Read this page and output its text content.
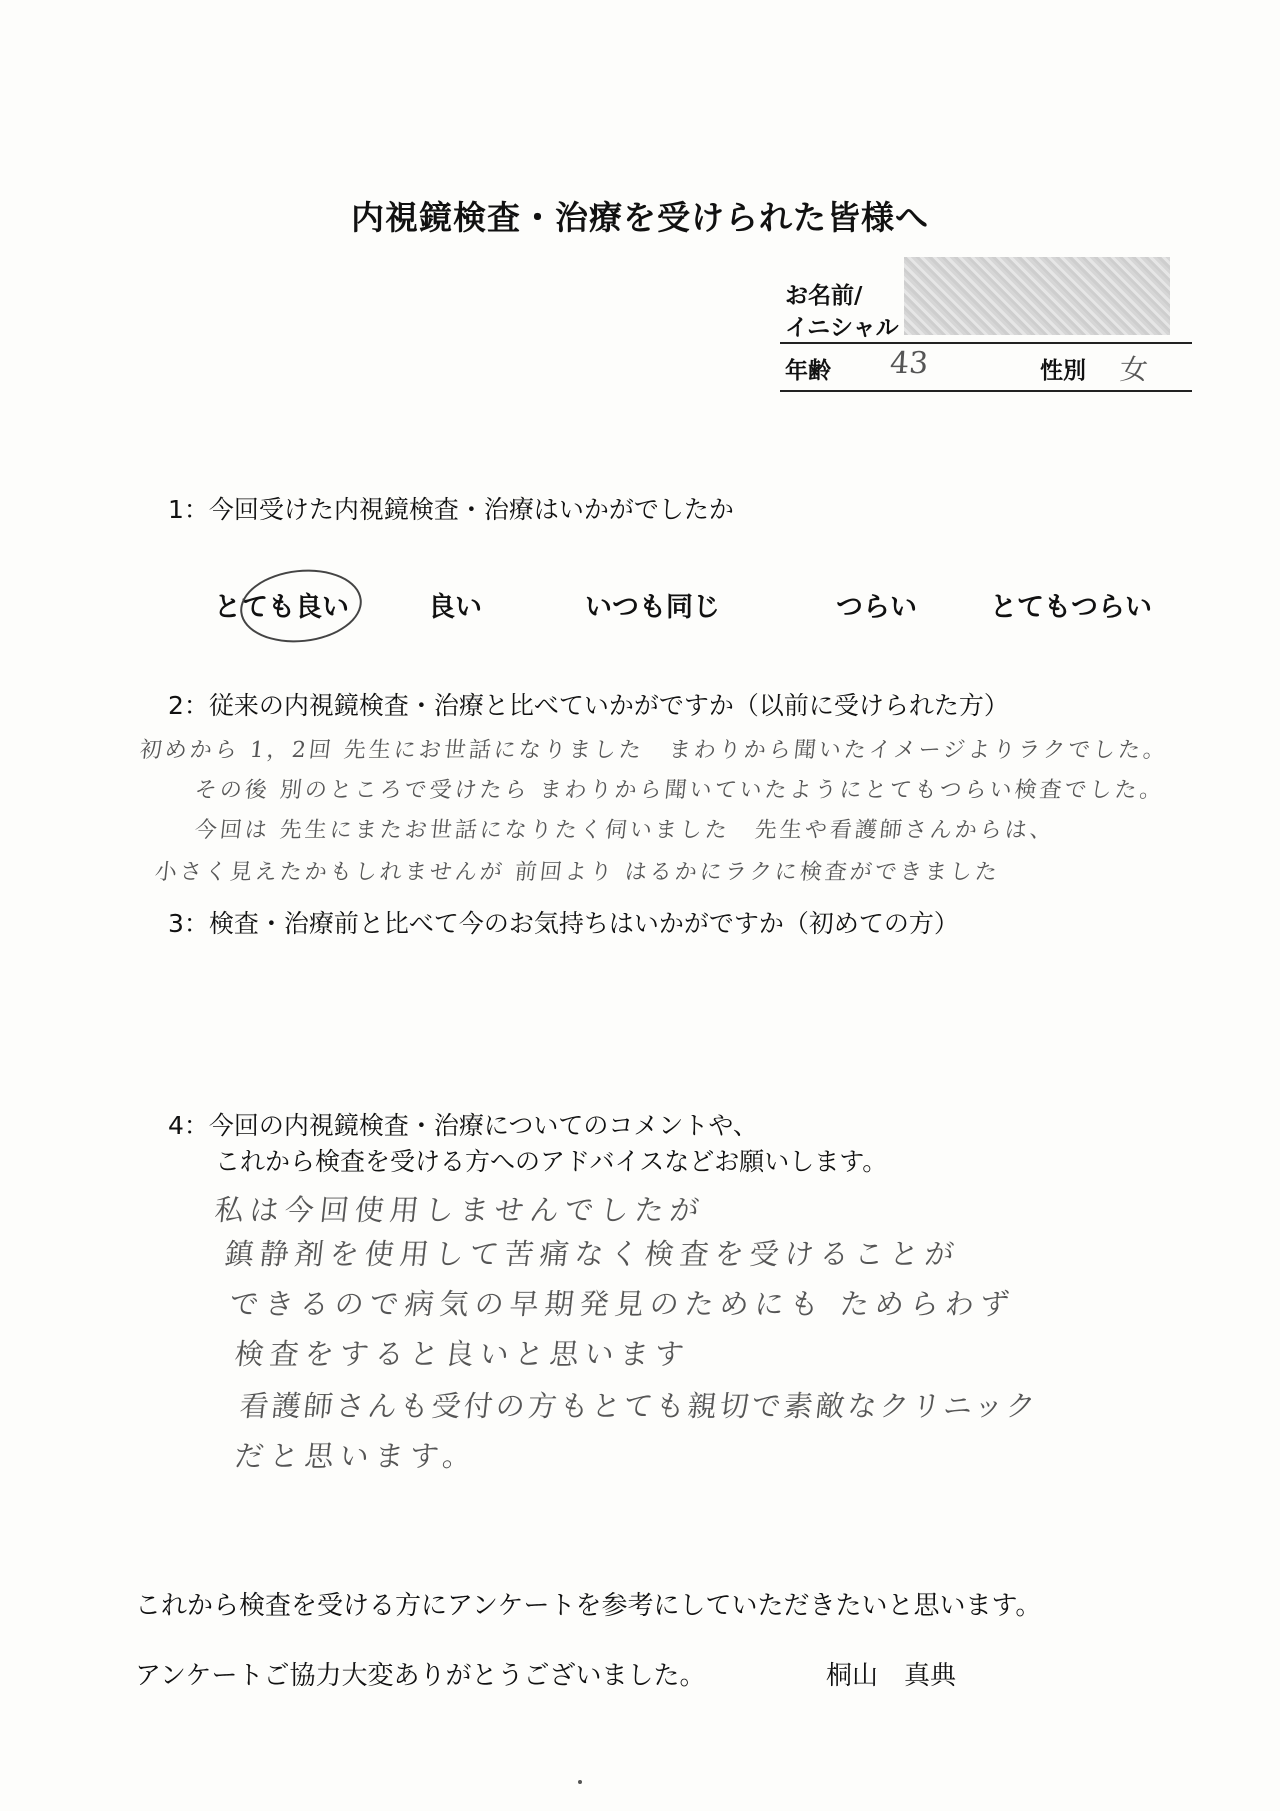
内視鏡検査・治療を受けられた皆様へ
お名前/
イニシャル
年齢 43	性別 女
1：今回受けた内視鏡検査・治療はいかがでしたか
とても良い	良い	いつも同じ	つらい	とてもつらい
2：従来の内視鏡検査・治療と比べていかがですか（以前に受けられた方）
初めから 1，2回 先生にお世話になりました　まわりから聞いたイメージよりラクでした。
その後 別のところで受けたら まわりから聞いていたようにとてもつらい検査でした。
今回は 先生にまたお世話になりたく伺いました　先生や看護師さんからは、
小さく見えたかもしれませんが 前回より はるかにラクに検査ができました
3：検査・治療前と比べて今のお気持ちはいかがですか（初めての方）
4：今回の内視鏡検査・治療についてのコメントや、
これから検査を受ける方へのアドバイスなどお願いします。
私は今回使用しませんでしたが
鎮静剤を使用して苦痛なく検査を受けることが
できるので病気の早期発見のためにも ためらわず
検査をすると良いと思います
看護師さんも受付の方もとても親切で素敵なクリニック
だと思います。
これから検査を受ける方にアンケートを参考にしていただきたいと思います。
アンケートご協力大変ありがとうございました。	桐山　真典
